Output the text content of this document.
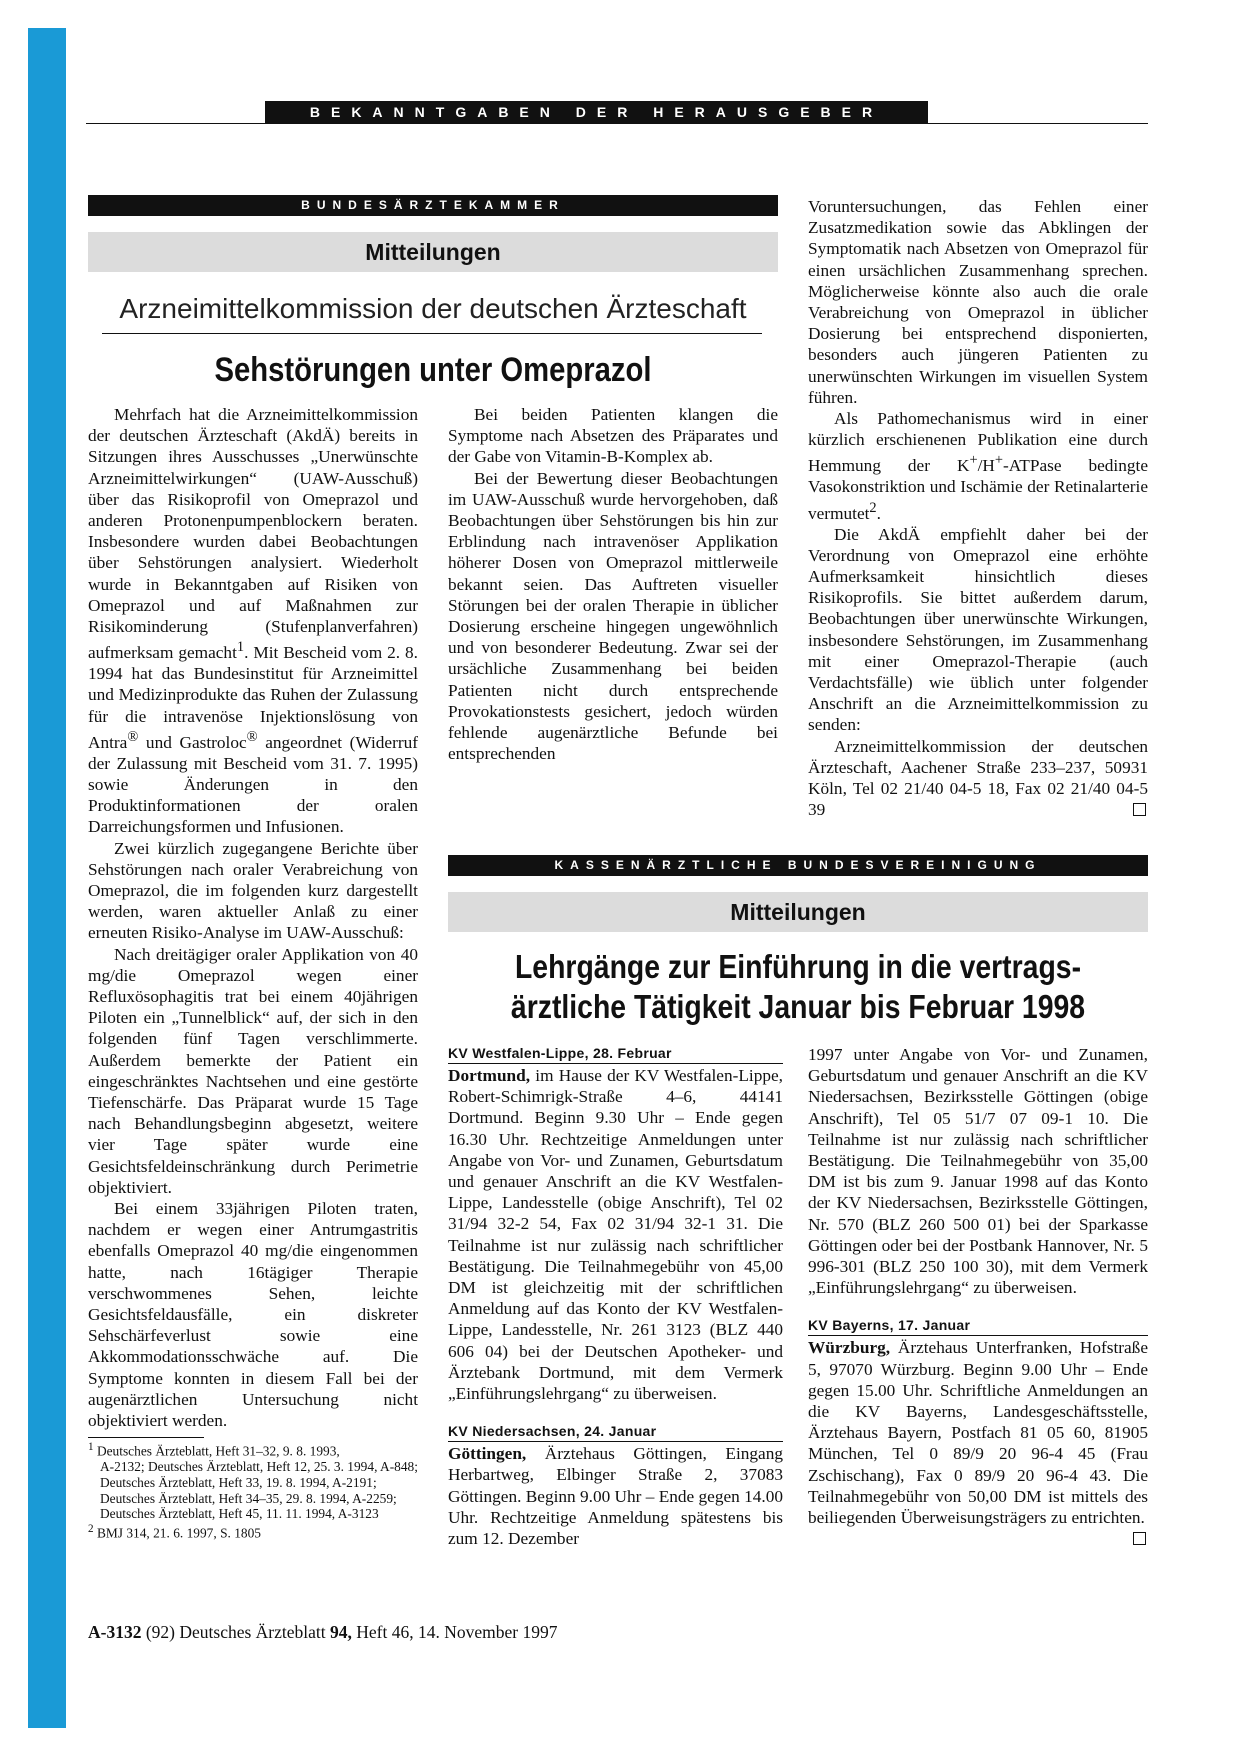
BEKANNTGABEN DER HERAUSGEBER
BUNDESÄRZTEKAMMER
Mitteilungen
Arzneimittelkommission der deutschen Ärzteschaft
Sehstörungen unter Omeprazol

Mehrfach hat die Arzneimittelkommission der deutschen Ärzteschaft (AkdÄ) bereits in Sitzungen ihres Ausschusses „Unerwünschte Arzneimittelwirkungen“ (UAW-Ausschuß) über das Risikoprofil von Omeprazol und anderen Protonenpumpenblockern beraten. Insbesondere wurden dabei Beobachtungen über Sehstörungen analysiert. Wiederholt wurde in Bekanntgaben auf Risiken von Omeprazol und auf Maßnahmen zur Risikominderung (Stufenplanverfahren) aufmerksam gemacht$^1$. Mit Bescheid vom 2. 8. 1994 hat das Bundesinstitut für Arzneimittel und Medizinprodukte das Ruhen der Zulassung für die intravenöse Injektionslösung von Antra® und Gastroloc® angeordnet (Widerruf der Zulassung mit Bescheid vom 31. 7. 1995) sowie Änderungen in den Produktinformationen der oralen Darreichungsformen und Infusionen.

Zwei kürzlich zugegangene Berichte über Sehstörungen nach oraler Verabreichung von Omeprazol, die im folgenden kurz dargestellt werden, waren aktueller Anlaß zu einer erneuten Risiko-Analyse im UAW-Ausschuß:

Nach dreitägiger oraler Applikation von 40 mg/die Omeprazol wegen einer Refluxösophagitis trat bei einem 40jährigen Piloten ein „Tunnelblick“ auf, der sich in den folgenden fünf Tagen verschlimmerte. Außerdem bemerkte der Patient ein eingeschränktes Nachtsehen und eine gestörte Tiefenschärfe. Das Präparat wurde 15 Tage nach Behandlungsbeginn abgesetzt, weitere vier Tage später wurde eine Gesichtsfeldeinschränkung durch Perimetrie objektiviert.

Bei einem 33jährigen Piloten traten, nachdem er wegen einer Antrumgastritis ebenfalls Omeprazol 40 mg/die eingenommen hatte, nach 16tägiger Therapie verschwommenes Sehen, leichte Gesichtsfeldausfälle, ein diskreter Sehschärfeverlust sowie eine Akkommodationsschwäche auf. Die Symptome konnten in diesem Fall bei der augenärztlichen Untersuchung nicht objektiviert werden.

$^1$ Deutsches Ärzteblatt, Heft 31–32, 9. 8. 1993,
A-2132; Deutsches Ärzteblatt, Heft 12, 25. 3. 1994, A-848; Deutsches Ärzteblatt, Heft 33, 19. 8. 1994, A-2191; Deutsches Ärzteblatt, Heft 34–35, 29. 8. 1994, A-2259; Deutsches Ärzteblatt, Heft 45, 11. 11. 1994, A-3123
$^2$ BMJ 314, 21. 6. 1997, S. 1805

Bei beiden Patienten klangen die Symptome nach Absetzen des Präparates und der Gabe von Vitamin-B-Komplex ab.

Bei der Bewertung dieser Beobachtungen im UAW-Ausschuß wurde hervorgehoben, daß Beobachtungen über Sehstörungen bis hin zur Erblindung nach intravenöser Applikation höherer Dosen von Omeprazol mittlerweile bekannt seien. Das Auftreten visueller Störungen bei der oralen Therapie in üblicher Dosierung erscheine hingegen ungewöhnlich und von besonderer Bedeutung. Zwar sei der ursächliche Zusammenhang bei beiden Patienten nicht durch entsprechende Provokationstests gesichert, jedoch würden fehlende augenärztliche Befunde bei entsprechenden

Voruntersuchungen, das Fehlen einer Zusatzmedikation sowie das Abklingen der Symptomatik nach Absetzen von Omeprazol für einen ursächlichen Zusammenhang sprechen. Möglicherweise könnte also auch die orale Verabreichung von Omeprazol in üblicher Dosierung bei entsprechend disponierten, besonders auch jüngeren Patienten zu unerwünschten Wirkungen im visuellen System führen.

Als Pathomechanismus wird in einer kürzlich erschienenen Publikation eine durch Hemmung der K+/H+-ATPase bedingte Vasokonstriktion und Ischämie der Retinalarterie vermutet$^2$.

Die AkdÄ empfiehlt daher bei der Verordnung von Omeprazol eine erhöhte Aufmerksamkeit hinsichtlich dieses Risikoprofils. Sie bittet außerdem darum, Beobachtungen über unerwünschte Wirkungen, insbesondere Sehstörungen, im Zusammenhang mit einer Omeprazol-Therapie (auch Verdachtsfälle) wie üblich unter folgender Anschrift an die Arzneimittelkommission zu senden:

Arzneimittelkommission der deutschen Ärzteschaft, Aachener Straße 233–237, 50931 Köln, Tel 02 21/40 04-5 18, Fax 02 21/40 04-5 39

KASSENÄRZTLICHE BUNDESVEREINIGUNG
Mitteilungen
Lehrgänge zur Einführung in die vertrags-
ärztliche Tätigkeit Januar bis Februar 1998
KV Westfalen-Lippe, 28. Februar

Dortmund, im Hause der KV Westfalen-Lippe, Robert-Schimrigk-Straße 4–6, 44141 Dortmund. Beginn 9.30 Uhr – Ende gegen 16.30 Uhr. Rechtzeitige Anmeldungen unter Angabe von Vor- und Zunamen, Geburtsdatum und genauer Anschrift an die KV Westfalen-Lippe, Landesstelle (obige Anschrift), Tel 02 31/94 32-2 54, Fax 02 31/94 32-1 31. Die Teilnahme ist nur zulässig nach schriftlicher Bestätigung. Die Teilnahmegebühr von 45,00 DM ist gleichzeitig mit der schriftlichen Anmeldung auf das Konto der KV Westfalen-Lippe, Landesstelle, Nr. 261 3123 (BLZ 440 606 04) bei der Deutschen Apotheker- und Ärztebank Dortmund, mit dem Vermerk „Einführungslehrgang“ zu überweisen.

KV Niedersachsen, 24. Januar

Göttingen, Ärztehaus Göttingen, Eingang Herbartweg, Elbinger Straße 2, 37083 Göttingen. Beginn 9.00 Uhr – Ende gegen 14.00 Uhr. Rechtzeitige Anmeldung spätestens bis zum 12. Dezember

1997 unter Angabe von Vor- und Zunamen, Geburtsdatum und genauer Anschrift an die KV Niedersachsen, Bezirksstelle Göttingen (obige Anschrift), Tel 05 51/7 07 09-1 10. Die Teilnahme ist nur zulässig nach schriftlicher Bestätigung. Die Teilnahmegebühr von 35,00 DM ist bis zum 9. Januar 1998 auf das Konto der KV Niedersachsen, Bezirksstelle Göttingen, Nr. 570 (BLZ 260 500 01) bei der Sparkasse Göttingen oder bei der Postbank Hannover, Nr. 5 996-301 (BLZ 250 100 30), mit dem Vermerk „Einführungslehrgang“ zu überweisen.

KV Bayerns, 17. Januar

Würzburg, Ärztehaus Unterfranken, Hofstraße 5, 97070 Würzburg. Beginn 9.00 Uhr – Ende gegen 15.00 Uhr. Schriftliche Anmeldungen an die KV Bayerns, Landesgeschäftsstelle, Ärztehaus Bayern, Postfach 81 05 60, 81905 München, Tel 0 89/9 20 96-4 45 (Frau Zschischang), Fax 0 89/9 20 96-4 43. Die Teilnahmegebühr von 50,00 DM ist mittels des beiliegenden Überweisungsträgers zu entrichten.

A-3132 (92) Deutsches Ärzteblatt 94, Heft 46, 14. November 1997
